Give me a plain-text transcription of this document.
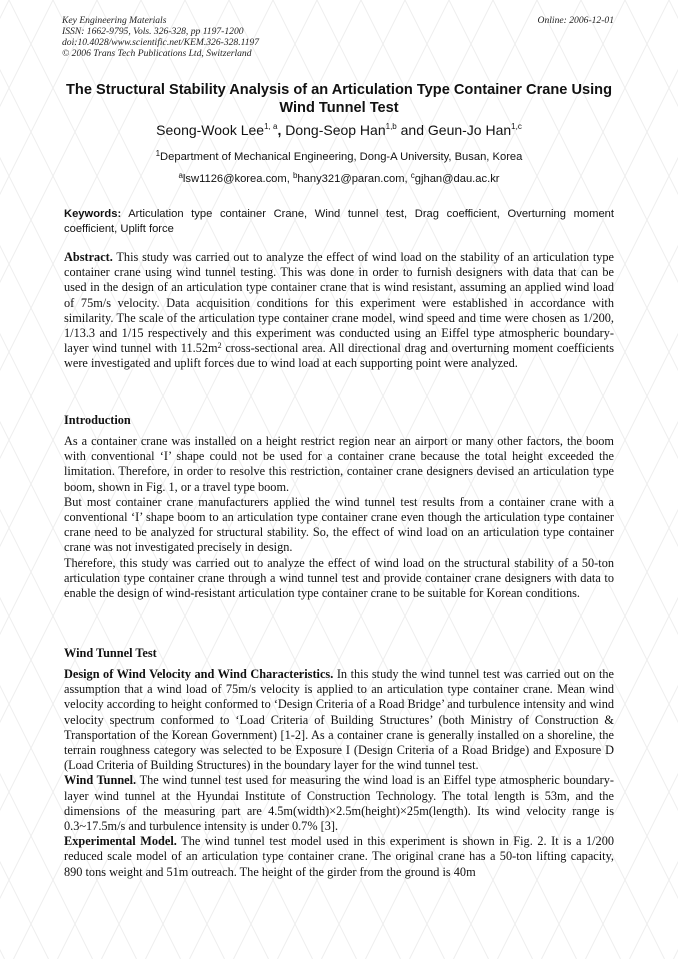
Key Engineering Materials
ISSN: 1662-9795, Vols. 326-328, pp 1197-1200
doi:10.4028/www.scientific.net/KEM.326-328.1197
© 2006 Trans Tech Publications Ltd, Switzerland
Online: 2006-12-01
The Structural Stability Analysis of an Articulation Type Container Crane Using Wind Tunnel Test
Seong-Wook Lee$^{1, a}$, Dong-Seop Han$^{1,b}$ and Geun-Jo Han$^{1,c}$
$^1$Department of Mechanical Engineering, Dong-A University, Busan, Korea
$^a$lsw1126@korea.com, $^b$hany321@paran.com, $^c$gjhan@dau.ac.kr
Keywords: Articulation type container Crane, Wind tunnel test, Drag coefficient, Overturning moment coefficient, Uplift force
Abstract. This study was carried out to analyze the effect of wind load on the stability of an articulation type container crane using wind tunnel testing. This was done in order to furnish designers with data that can be used in the design of an articulation type container crane that is wind resistant, assuming an applied wind load of 75m/s velocity. Data acquisition conditions for this experiment were established in accordance with similarity. The scale of the articulation type container crane model, wind speed and time were chosen as 1/200, 1/13.3 and 1/15 respectively and this experiment was conducted using an Eiffel type atmospheric boundary-layer wind tunnel with $11.52m^2$ cross-sectional area. All directional drag and overturning moment coefficients were investigated and uplift forces due to wind load at each supporting point were analyzed.
Introduction

As a container crane was installed on a height restrict region near an airport or many other factors, the boom with conventional ‘I’ shape could not be used for a container crane because the total height exceeded the limitation. Therefore, in order to resolve this restriction, container crane designers devised an articulation type boom, shown in Fig. 1, or a travel type boom.

But most container crane manufacturers applied the wind tunnel test results from a container crane with a conventional ‘I’ shape boom to an articulation type container crane even though the articulation type container crane need to be analyzed for structural stability. So, the effect of wind load on an articulation type container crane was not investigated precisely in design.

Therefore, this study was carried out to analyze the effect of wind load on the structural stability of a 50-ton articulation type container crane through a wind tunnel test and provide container crane designers with data to enable the design of wind-resistant articulation type container crane to be suitable for Korean conditions.

Wind Tunnel Test

Design of Wind Velocity and Wind Characteristics. In this study the wind tunnel test was carried out on the assumption that a wind load of 75m/s velocity is applied to an articulation type container crane. Mean wind velocity according to height conformed to ‘Design Criteria of a Road Bridge’ and turbulence intensity and wind velocity spectrum conformed to ‘Load Criteria of Building Structures’ (both Ministry of Construction & Transportation of the Korean Government) [1-2]. As a container crane is generally installed on a shoreline, the terrain roughness category was selected to be Exposure I (Design Criteria of a Road Bridge) and Exposure D (Load Criteria of Building Structures) in the boundary layer for the wind tunnel test.

Wind Tunnel. The wind tunnel test used for measuring the wind load is an Eiffel type atmospheric boundary-layer wind tunnel at the Hyundai Institute of Construction Technology. The total length is 53m, and the dimensions of the measuring part are 4.5m(width)×2.5m(height)×25m(length). Its wind velocity range is 0.3~17.5m/s and turbulence intensity is under 0.7% [3].

Experimental Model. The wind tunnel test model used in this experiment is shown in Fig. 2. It is a 1/200 reduced scale model of an articulation type container crane. The original crane has a 50-ton lifting capacity, 890 tons weight and 51m outreach. The height of the girder from the ground is 40m
